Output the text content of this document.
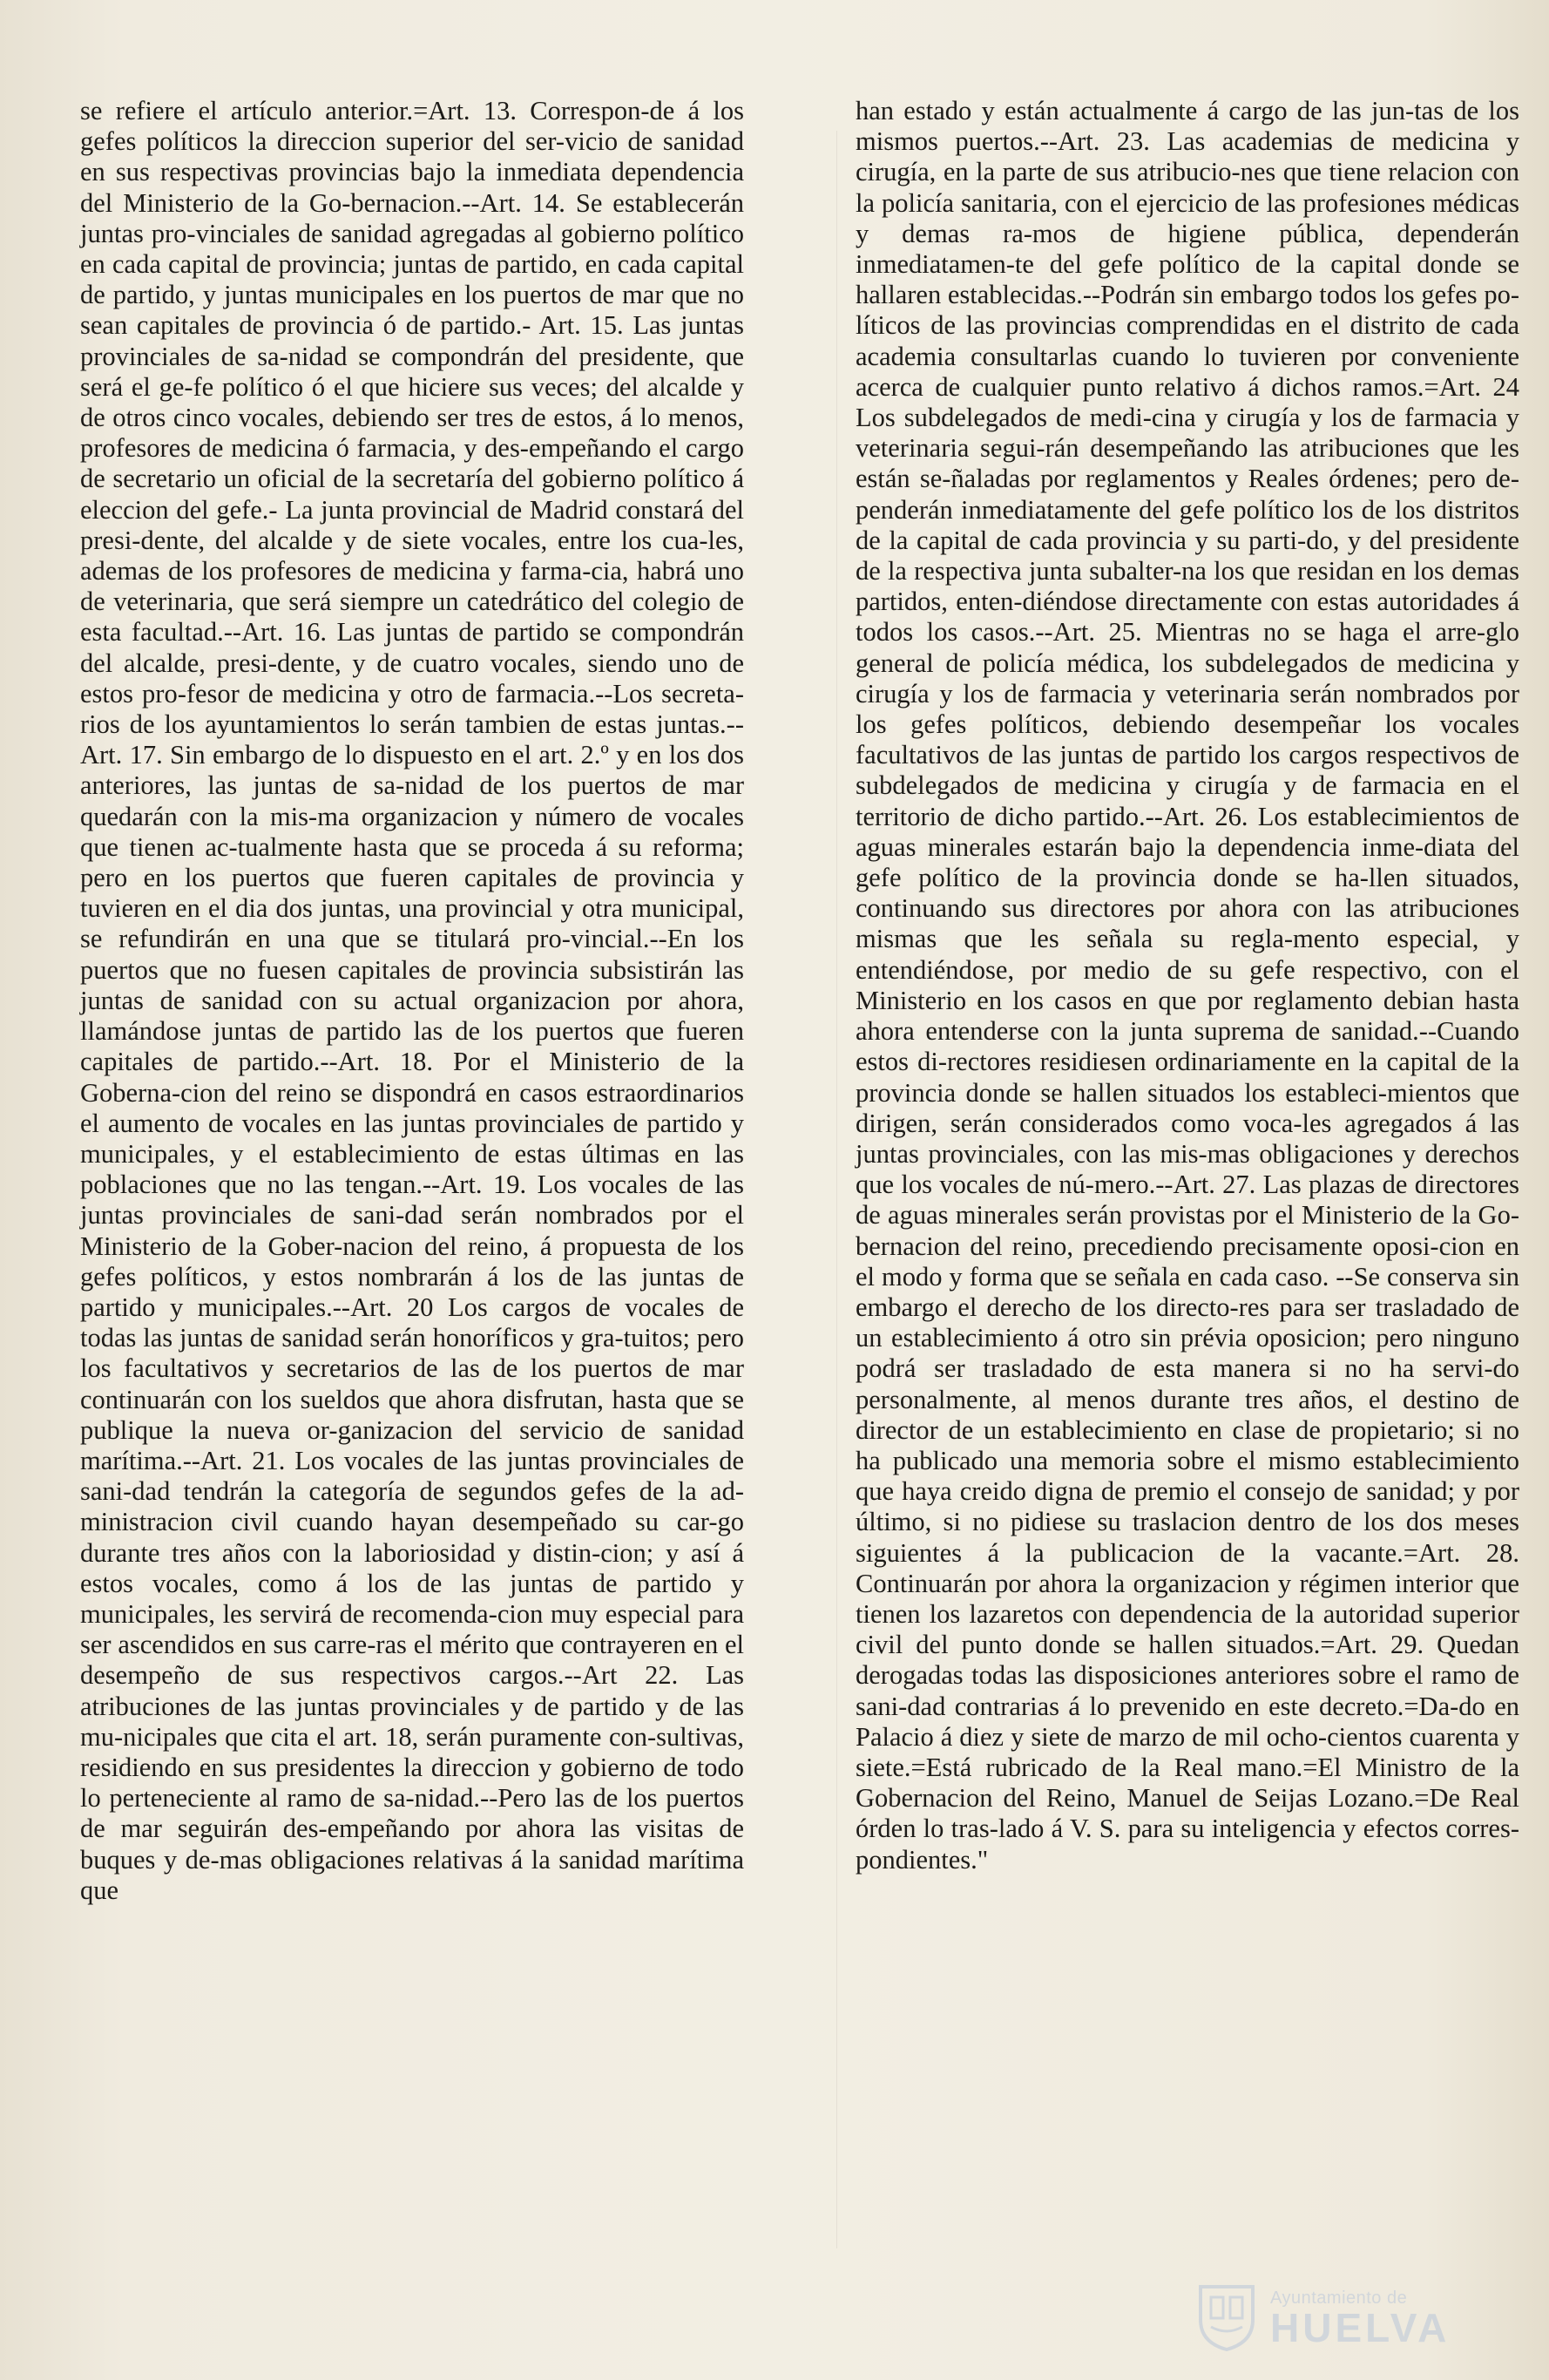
se refiere el artículo anterior.=Art. 13. Correspon-de á los gefes políticos la direccion superior del ser-vicio de sanidad en sus respectivas provincias bajo la inmediata dependencia del Ministerio de la Go-bernacion.--Art. 14. Se establecerán juntas pro-vinciales de sanidad agregadas al gobierno político en cada capital de provincia; juntas de partido, en cada capital de partido, y juntas municipales en los puertos de mar que no sean capitales de provincia ó de partido.- Art. 15. Las juntas provinciales de sa-nidad se compondrán del presidente, que será el ge-fe político ó el que hiciere sus veces; del alcalde y de otros cinco vocales, debiendo ser tres de estos, á lo menos, profesores de medicina ó farmacia, y des-empeñando el cargo de secretario un oficial de la secretaría del gobierno político á eleccion del gefe.- La junta provincial de Madrid constará del presi-dente, del alcalde y de siete vocales, entre los cua-les, ademas de los profesores de medicina y farma-cia, habrá uno de veterinaria, que será siempre un catedrático del colegio de esta facultad.--Art. 16. Las juntas de partido se compondrán del alcalde, presi-dente, y de cuatro vocales, siendo uno de estos pro-fesor de medicina y otro de farmacia.--Los secreta-rios de los ayuntamientos lo serán tambien de estas juntas.--Art. 17. Sin embargo de lo dispuesto en el art. 2.º y en los dos anteriores, las juntas de sa-nidad de los puertos de mar quedarán con la mis-ma organizacion y número de vocales que tienen ac-tualmente hasta que se proceda á su reforma; pero en los puertos que fueren capitales de provincia y tuvieren en el dia dos juntas, una provincial y otra municipal, se refundirán en una que se titulará pro-vincial.--En los puertos que no fuesen capitales de provincia subsistirán las juntas de sanidad con su actual organizacion por ahora, llamándose juntas de partido las de los puertos que fueren capitales de partido.--Art. 18. Por el Ministerio de la Goberna-cion del reino se dispondrá en casos estraordinarios el aumento de vocales en las juntas provinciales de partido y municipales, y el establecimiento de estas últimas en las poblaciones que no las tengan.--Art. 19. Los vocales de las juntas provinciales de sani-dad serán nombrados por el Ministerio de la Gober-nacion del reino, á propuesta de los gefes políticos, y estos nombrarán á los de las juntas de partido y municipales.--Art. 20 Los cargos de vocales de todas las juntas de sanidad serán honoríficos y gra-tuitos; pero los facultativos y secretarios de las de los puertos de mar continuarán con los sueldos que ahora disfrutan, hasta que se publique la nueva or-ganizacion del servicio de sanidad marítima.--Art. 21. Los vocales de las juntas provinciales de sani-dad tendrán la categoría de segundos gefes de la ad-ministracion civil cuando hayan desempeñado su car-go durante tres años con la laboriosidad y distin-cion; y así á estos vocales, como á los de las juntas de partido y municipales, les servirá de recomenda-cion muy especial para ser ascendidos en sus carre-ras el mérito que contrayeren en el desempeño de sus respectivos cargos.--Art 22. Las atribuciones de las juntas provinciales y de partido y de las mu-nicipales que cita el art. 18, serán puramente con-sultivas, residiendo en sus presidentes la direccion y gobierno de todo lo perteneciente al ramo de sa-nidad.--Pero las de los puertos de mar seguirán des-empeñando por ahora las visitas de buques y de-mas obligaciones relativas á la sanidad marítima que

han estado y están actualmente á cargo de las jun-tas de los mismos puertos.--Art. 23. Las academias de medicina y cirugía, en la parte de sus atribucio-nes que tiene relacion con la policía sanitaria, con el ejercicio de las profesiones médicas y demas ra-mos de higiene pública, dependerán inmediatamen-te del gefe político de la capital donde se hallaren establecidas.--Podrán sin embargo todos los gefes po-líticos de las provincias comprendidas en el distrito de cada academia consultarlas cuando lo tuvieren por conveniente acerca de cualquier punto relativo á dichos ramos.=Art. 24 Los subdelegados de medi-cina y cirugía y los de farmacia y veterinaria segui-rán desempeñando las atribuciones que les están se-ñaladas por reglamentos y Reales órdenes; pero de-penderán inmediatamente del gefe político los de los distritos de la capital de cada provincia y su parti-do, y del presidente de la respectiva junta subalter-na los que residan en los demas partidos, enten-diéndose directamente con estas autoridades á todos los casos.--Art. 25. Mientras no se haga el arre-glo general de policía médica, los subdelegados de medicina y cirugía y los de farmacia y veterinaria serán nombrados por los gefes políticos, debiendo desempeñar los vocales facultativos de las juntas de partido los cargos respectivos de subdelegados de medicina y cirugía y de farmacia en el territorio de dicho partido.--Art. 26. Los establecimientos de aguas minerales estarán bajo la dependencia inme-diata del gefe político de la provincia donde se ha-llen situados, continuando sus directores por ahora con las atribuciones mismas que les señala su regla-mento especial, y entendiéndose, por medio de su gefe respectivo, con el Ministerio en los casos en que por reglamento debian hasta ahora entenderse con la junta suprema de sanidad.--Cuando estos di-rectores residiesen ordinariamente en la capital de la provincia donde se hallen situados los estableci-mientos que dirigen, serán considerados como voca-les agregados á las juntas provinciales, con las mis-mas obligaciones y derechos que los vocales de nú-mero.--Art. 27. Las plazas de directores de aguas minerales serán provistas por el Ministerio de la Go-bernacion del reino, precediendo precisamente oposi-cion en el modo y forma que se señala en cada caso. --Se conserva sin embargo el derecho de los directo-res para ser trasladado de un establecimiento á otro sin prévia oposicion; pero ninguno podrá ser trasladado de esta manera si no ha servi-do personalmente, al menos durante tres años, el destino de director de un establecimiento en clase de propietario; si no ha publicado una memoria sobre el mismo establecimiento que haya creido digna de premio el consejo de sanidad; y por último, si no pidiese su traslacion dentro de los dos meses siguientes á la publicacion de la vacante.=Art. 28. Continuarán por ahora la organizacion y régimen interior que tienen los lazaretos con dependencia de la autoridad superior civil del punto donde se hallen situados.=Art. 29. Quedan derogadas todas las disposiciones anteriores sobre el ramo de sani-dad contrarias á lo prevenido en este decreto.=Da-do en Palacio á diez y siete de marzo de mil ocho-cientos cuarenta y siete.=Está rubricado de la Real mano.=El Ministro de la Gobernacion del Reino, Manuel de Seijas Lozano.=De Real órden lo tras-lado á V. S. para su inteligencia y efectos corres-pondientes."

Ayuntamiento de
HUELVA
